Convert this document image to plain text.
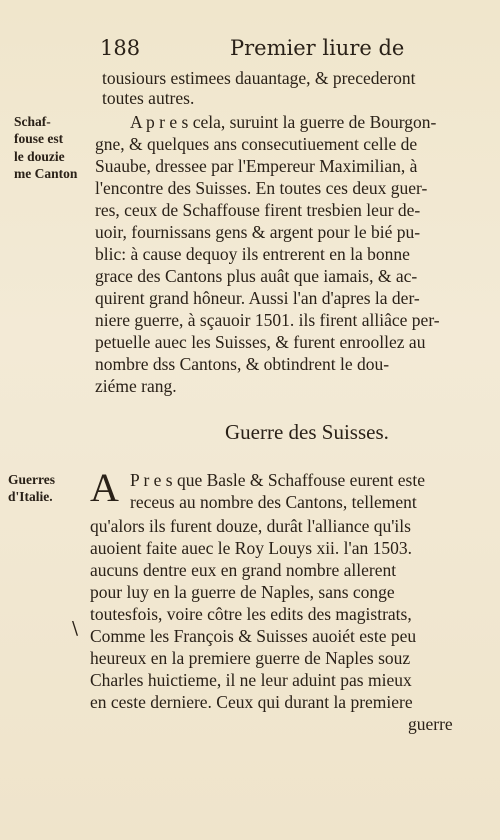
188	Premier liure de
tousiours estimees dauantage, & precederont
toutes autres.
A p r e s cela, suruint la guerre de Bourgon-
gne, & quelques ans consecutiuement celle de
Suaube, dressee par l'Empereur Maximilian, à
l'encontre des Suisses. En toutes ces deux guer-
res, ceux de Schaffouse firent tresbien leur de-
uoir, fournissans gens & argent pour le bié pu-
blic: à cause dequoy ils entrerent en la bonne
grace des Cantons plus auât que iamais, & ac-
quirent grand hôneur. Aussi l'an d'apres la der-
niere guerre, à sçauoir 1501. ils firent alliâce per-
petuelle auec les Suisses, & furent enroollez au
nombre dss Cantons, & obtindrent le dou-
ziéme rang.
Schaf-
fouse est
le douzie
me Canton
Guerre des Suisses.
Guerres
d'Italie. A P r e s que Basle & Schaffouse eurent este
receus au nombre des Cantons, tellement
qu'alors ils furent douze, durât l'alliance qu'ils
auoient faite auec le Roy Louys xii. l'an 1503.
aucuns dentre eux en grand nombre allerent
pour luy en la guerre de Naples, sans conge
toutesfois, voire côtre les edits des magistrats,
Comme les François & Suisses auoiét este peu
heureux en la premiere guerre de Naples souz
Charles huictieme, il ne leur aduint pas mieux
en ceste derniere. Ceux qui durant la premiere
guerre
\
